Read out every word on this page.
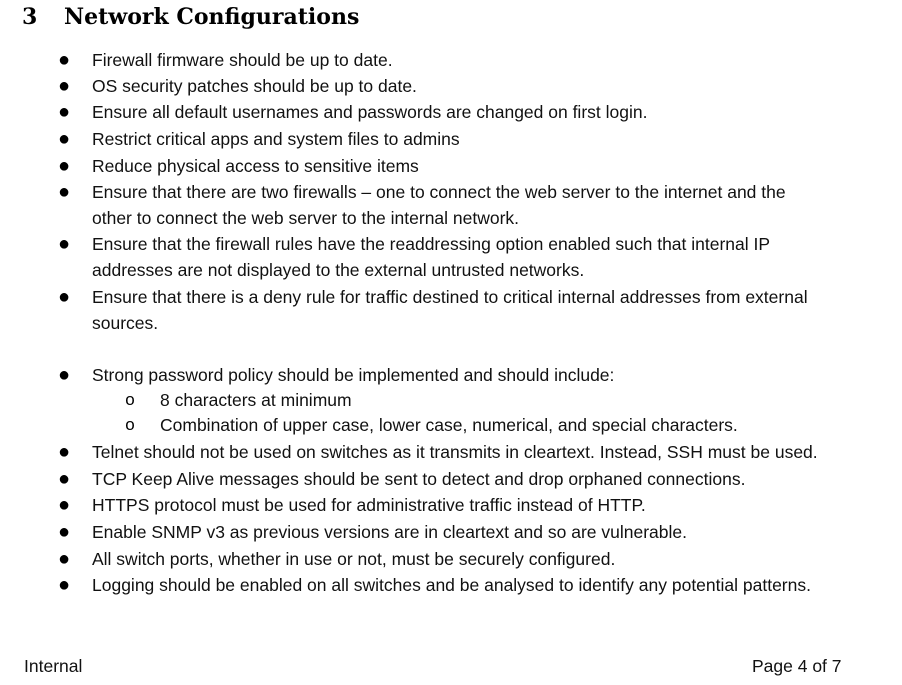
3 Network Configurations
● Firewall firmware should be up to date.
● OS security patches should be up to date.
● Ensure all default usernames and passwords are changed on first login.
● Restrict critical apps and system files to admins
● Reduce physical access to sensitive items
● Ensure that there are two firewalls – one to connect the web server to the internet and the
other to connect the web server to the internal network.
● Ensure that the firewall rules have the readdressing option enabled such that internal IP
addresses are not displayed to the external untrusted networks.
● Ensure that there is a deny rule for traffic destined to critical internal addresses from external
sources.
● Strong password policy should be implemented and should include:
o 8 characters at minimum
o Combination of upper case, lower case, numerical, and special characters.
● Telnet should not be used on switches as it transmits in cleartext. Instead, SSH must be used.
● TCP Keep Alive messages should be sent to detect and drop orphaned connections.
● HTTPS protocol must be used for administrative traffic instead of HTTP.
● Enable SNMP v3 as previous versions are in cleartext and so are vulnerable.
● All switch ports, whether in use or not, must be securely configured.
● Logging should be enabled on all switches and be analysed to identify any potential patterns.
Internal	Page 4 of 7
